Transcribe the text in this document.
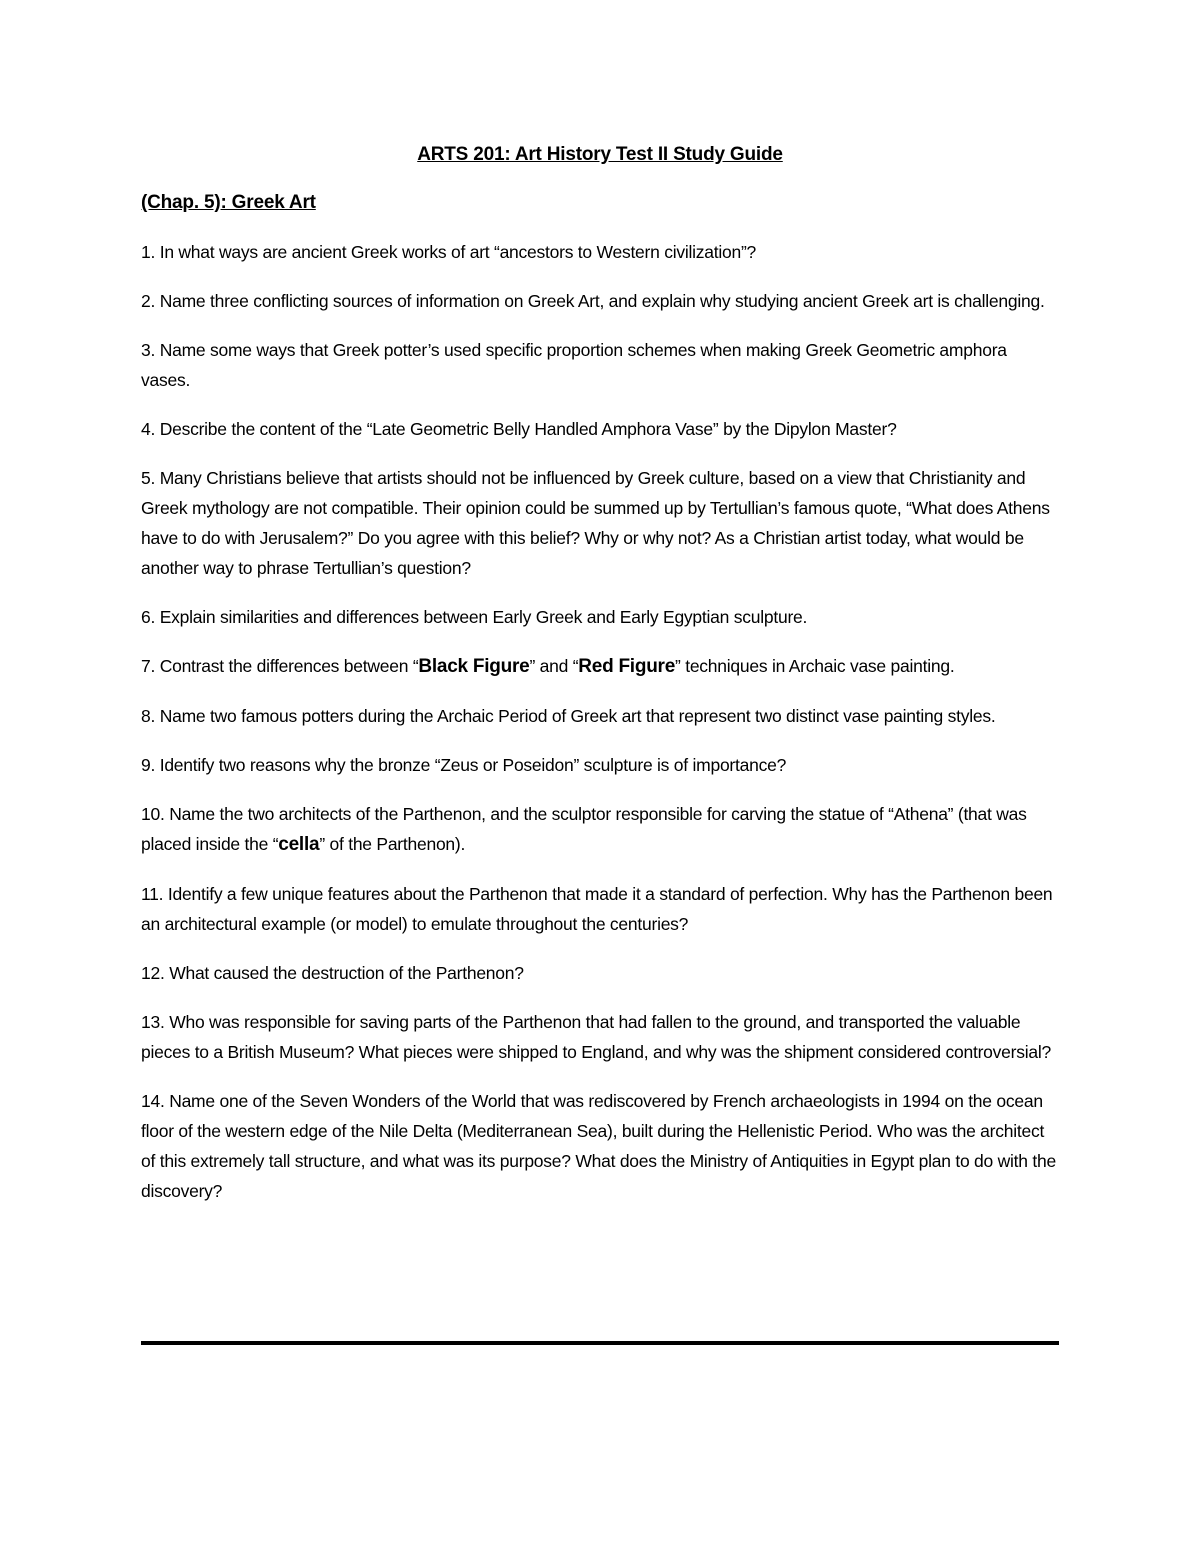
ARTS 201: Art History Test II Study Guide
(Chap. 5): Greek Art

1. In what ways are ancient Greek works of art “ancestors to Western civilization”?

2. Name three conflicting sources of information on Greek Art, and explain why studying ancient Greek art is challenging.

3. Name some ways that Greek potter’s used specific proportion schemes when making Greek Geometric amphora vases.

4. Describe the content of the “Late Geometric Belly Handled Amphora Vase” by the Dipylon Master?

5. Many Christians believe that artists should not be influenced by Greek culture, based on a view that Christianity and Greek mythology are not compatible. Their opinion could be summed up by Tertullian’s famous quote, “What does Athens have to do with Jerusalem?” Do you agree with this belief? Why or why not? As a Christian artist today, what would be another way to phrase Tertullian’s question?

6. Explain similarities and differences between Early Greek and Early Egyptian sculpture.

7. Contrast the differences between “Black Figure” and “Red Figure” techniques in Archaic vase painting.

8. Name two famous potters during the Archaic Period of Greek art that represent two distinct vase painting styles.

9. Identify two reasons why the bronze “Zeus or Poseidon” sculpture is of importance?

10. Name the two architects of the Parthenon, and the sculptor responsible for carving the statue of “Athena” (that was placed inside the “cella” of the Parthenon).

11. Identify a few unique features about the Parthenon that made it a standard of perfection. Why has the Parthenon been an architectural example (or model) to emulate throughout the centuries?

12. What caused the destruction of the Parthenon?

13. Who was responsible for saving parts of the Parthenon that had fallen to the ground, and transported the valuable pieces to a British Museum? What pieces were shipped to England, and why was the shipment considered controversial?

14. Name one of the Seven Wonders of the World that was rediscovered by French archaeologists in 1994 on the ocean floor of the western edge of the Nile Delta (Mediterranean Sea), built during the Hellenistic Period. Who was the architect of this extremely tall structure, and what was its purpose? What does the Ministry of Antiquities in Egypt plan to do with the discovery?
